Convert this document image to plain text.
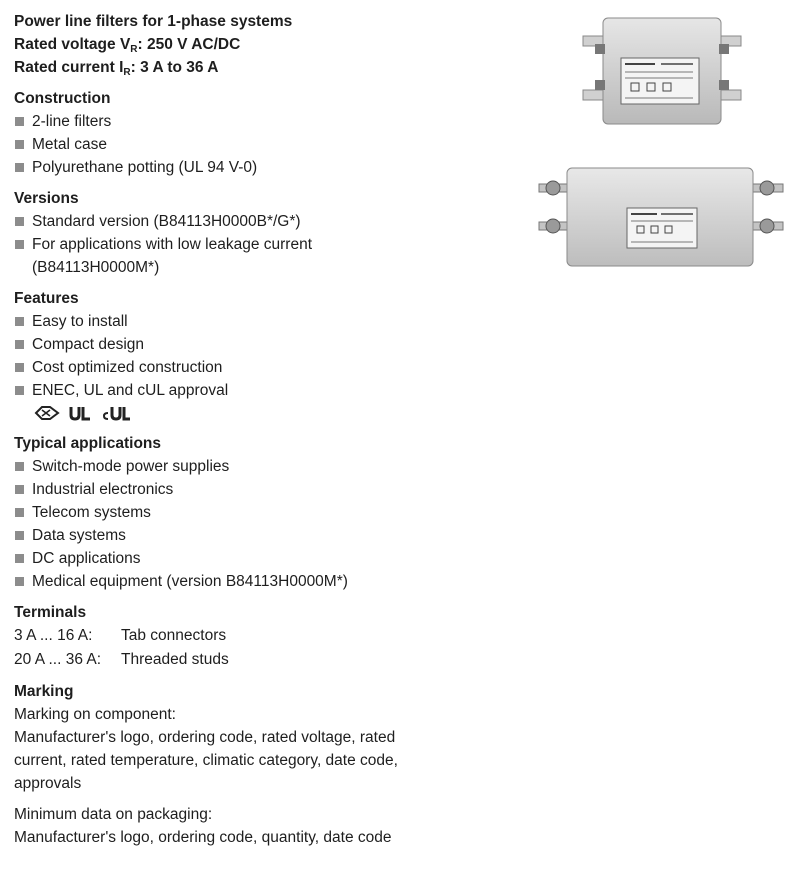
Power line filters for 1-phase systems
Rated voltage $V_R$: 250 V AC/DC
Rated current $I_R$: 3 A to 36 A
Construction
2-line filters
Metal case
Polyurethane potting (UL 94 V-0)
Versions
Standard version (B84113H0000B*/G*)
For applications with low leakage current
(B84113H0000M*)
Features
Easy to install
Compact design
Cost optimized construction
ENEC, UL and cUL approval
Typical applications
Switch-mode power supplies
Industrial electronics
Telecom systems
Data systems
DC applications
Medical equipment (version B84113H0000M*)
Terminals
3 A ... 16 A:	Tab connectors
20 A ... 36 A:	Threaded studs
Marking
Marking on component:
Manufacturer's logo, ordering code, rated voltage, rated
current, rated temperature, climatic category, date code,
approvals
Minimum data on packaging:
Manufacturer's logo, ordering code, quantity, date code
